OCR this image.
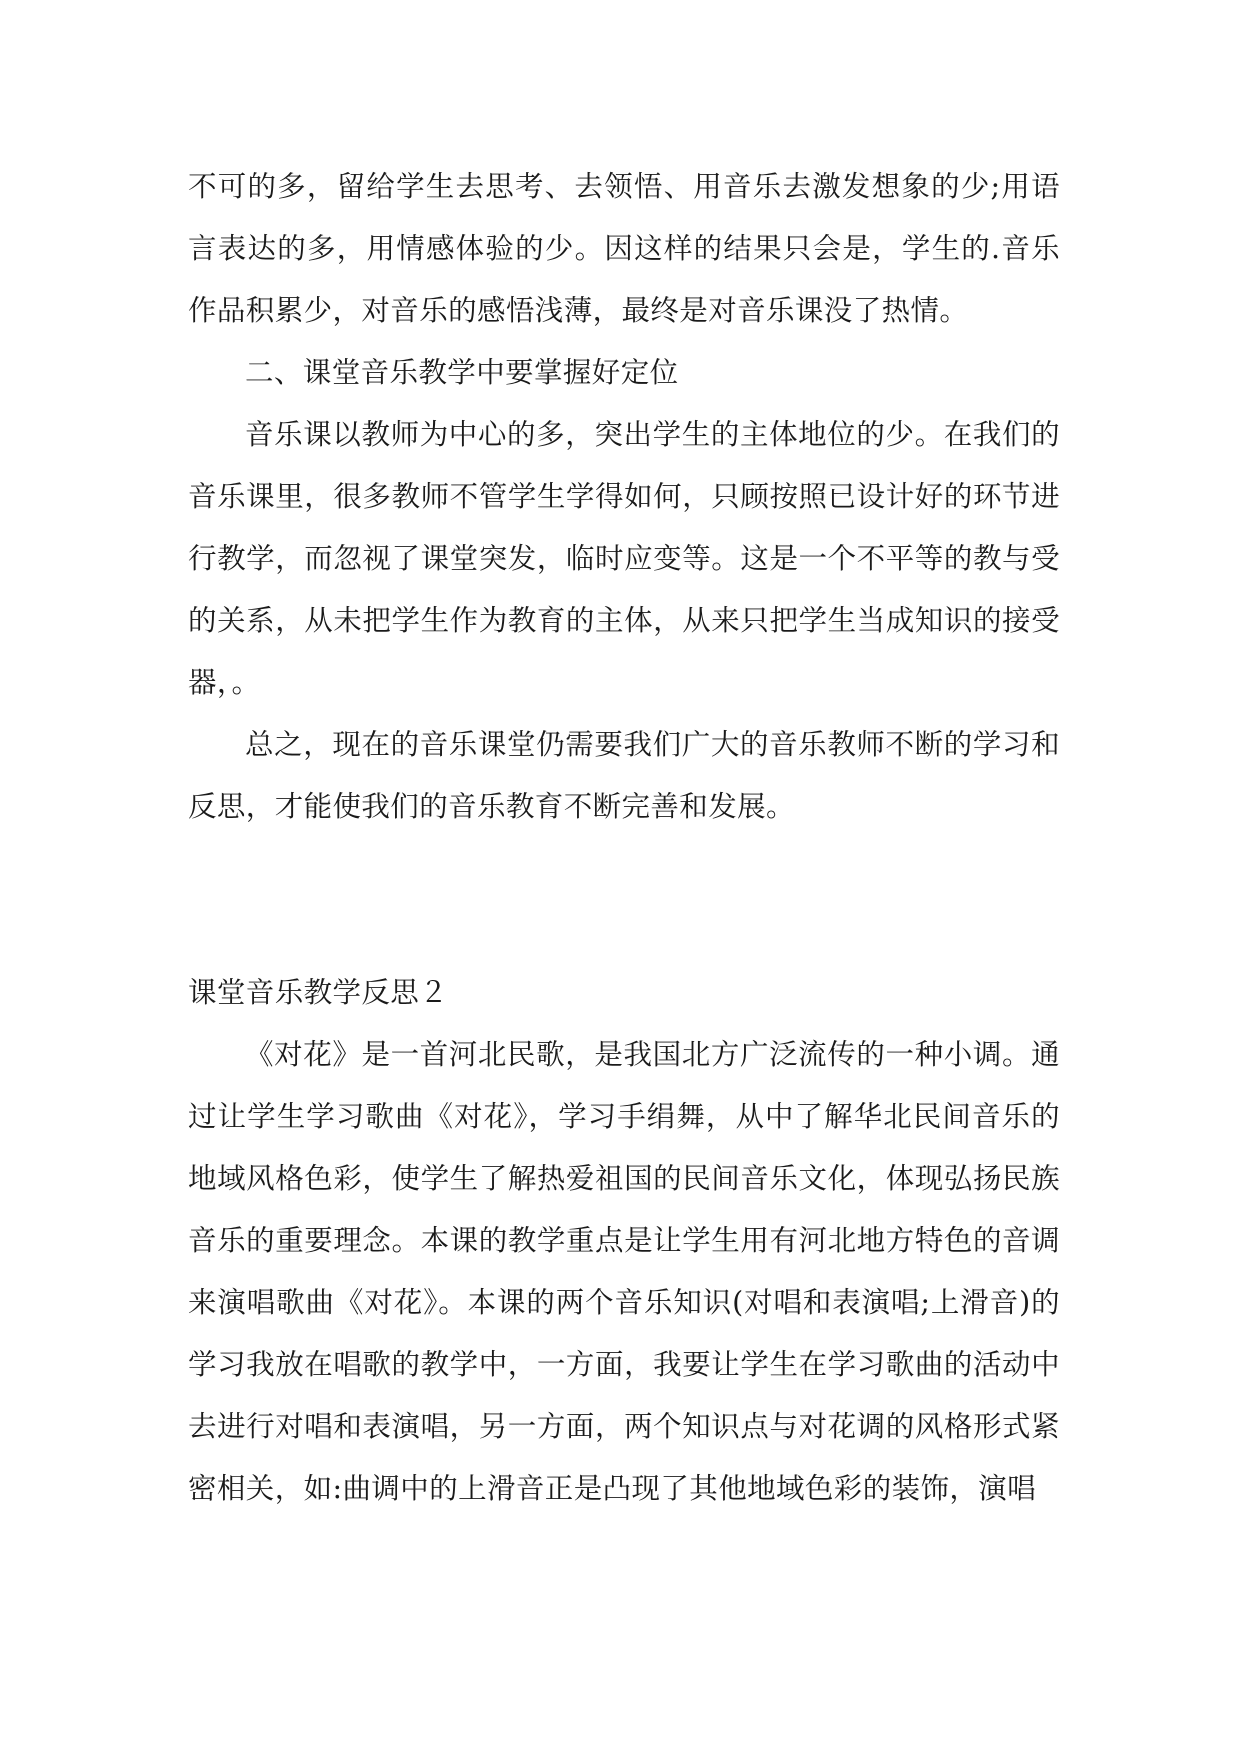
不可的多，留给学生去思考、去领悟、用音乐去激发想象的少;用语言表达的多，用情感体验的少。因这样的结果只会是，学生的.音乐作品积累少，对音乐的感悟浅薄，最终是对音乐课没了热情。

二、课堂音乐教学中要掌握好定位

音乐课以教师为中心的多，突出学生的主体地位的少。在我们的音乐课里，很多教师不管学生学得如何，只顾按照已设计好的环节进行教学，而忽视了课堂突发，临时应变等。这是一个不平等的教与受的关系，从未把学生作为教育的主体，从来只把学生当成知识的接受器，。

总之，现在的音乐课堂仍需要我们广大的音乐教师不断的学习和反思，才能使我们的音乐教育不断完善和发展。

课堂音乐教学反思２

《对花》是一首河北民歌，是我国北方广泛流传的一种小调。通过让学生学习歌曲《对花》，学习手绢舞，从中了解华北民间音乐的地域风格色彩，使学生了解热爱祖国的民间音乐文化，体现弘扬民族音乐的重要理念。本课的教学重点是让学生用有河北地方特色的音调来演唱歌曲《对花》。本课的两个音乐知识(对唱和表演唱;上滑音)的学习我放在唱歌的教学中，一方面，我要让学生在学习歌曲的活动中去进行对唱和表演唱，另一方面，两个知识点与对花调的风格形式紧密相关，如:曲调中的上滑音正是凸现了其他地域色彩的装饰，演唱
